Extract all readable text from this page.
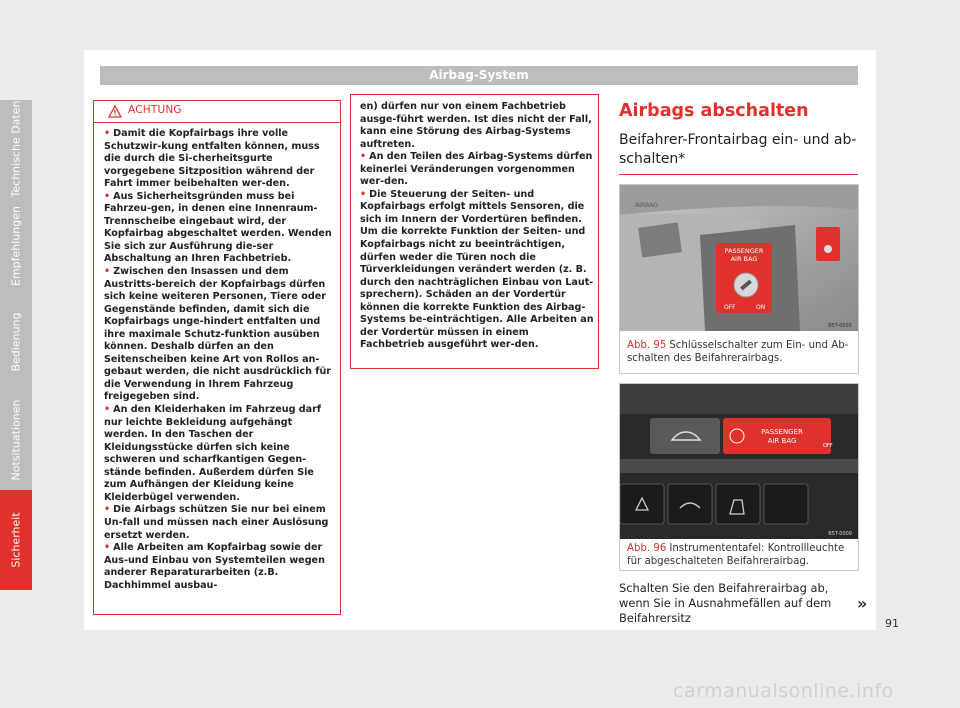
Airbag-System
ACHTUNG

• Damit die Kopfairbags ihre volle Schutzwir-kung entfalten können, muss die durch die Si-cherheitsgurte vorgegebene Sitzposition während der Fahrt immer beibehalten wer-den.

• Aus Sicherheitsgründen muss bei Fahrzeu-gen, in denen eine Innenraum-Trennscheibe eingebaut wird, der Kopfairbag abgeschaltet werden. Wenden Sie sich zur Ausführung die-ser Abschaltung an Ihren Fachbetrieb.

• Zwischen den Insassen und dem Austritts-bereich der Kopfairbags dürfen sich keine weiteren Personen, Tiere oder Gegenstände befinden, damit sich die Kopfairbags unge-hindert entfalten und ihre maximale Schutz-funktion ausüben können. Deshalb dürfen an den Seitenscheiben keine Art von Rollos an-gebaut werden, die nicht ausdrücklich für die Verwendung in Ihrem Fahrzeug freigegeben sind.

• An den Kleiderhaken im Fahrzeug darf nur leichte Bekleidung aufgehängt werden. In den Taschen der Kleidungsstücke dürfen sich keine schweren und scharfkantigen Gegen-stände befinden. Außerdem dürfen Sie zum Aufhängen der Kleidung keine Kleiderbügel verwenden.

• Die Airbags schützen Sie nur bei einem Un-fall und müssen nach einer Auslösung ersetzt werden.

• Alle Arbeiten am Kopfairbag sowie der Aus-und Einbau von Systemteilen wegen anderer Reparaturarbeiten (z.B. Dachhimmel ausbau-

en) dürfen nur von einem Fachbetrieb ausge-führt werden. Ist dies nicht der Fall, kann eine Störung des Airbag-Systems auftreten.

• An den Teilen des Airbag-Systems dürfen keinerlei Veränderungen vorgenommen wer-den.

• Die Steuerung der Seiten- und Kopfairbags erfolgt mittels Sensoren, die sich im Innern der Vordertüren befinden. Um die korrekte Funktion der Seiten- und Kopfairbags nicht zu beeinträchtigen, dürfen weder die Türen noch die Türverkleidungen verändert werden (z. B. durch den nachträglichen Einbau von Laut-sprechern). Schäden an der Vordertür können die korrekte Funktion des Airbag-Systems be-einträchtigen. Alle Arbeiten an der Vordertür müssen in einem Fachbetrieb ausgeführt wer-den.

Airbags abschalten
Beifahrer-Frontairbag ein- und ab-schalten*
AIRBAG
PASSENGER
AIR BAG
OFF	ON
B5T-0035
Abb. 95 Schlüsselschalter zum Ein- und Ab-schalten des Beifahrerairbags.
PASSENGER
AIR BAG
OFF
B5T-0009
Abb. 96 Instrumententafel: Kontrollleuchte für abgeschalteten Beifahrerairbag.
Schalten Sie den Beifahrerairbag ab, wenn Sie in Ausnahmefällen auf dem Beifahrersitz
»
Technische Daten
Empfehlungen
Bedienung
Notsituationen
Sicherheit
91
carmanualsonline.info
